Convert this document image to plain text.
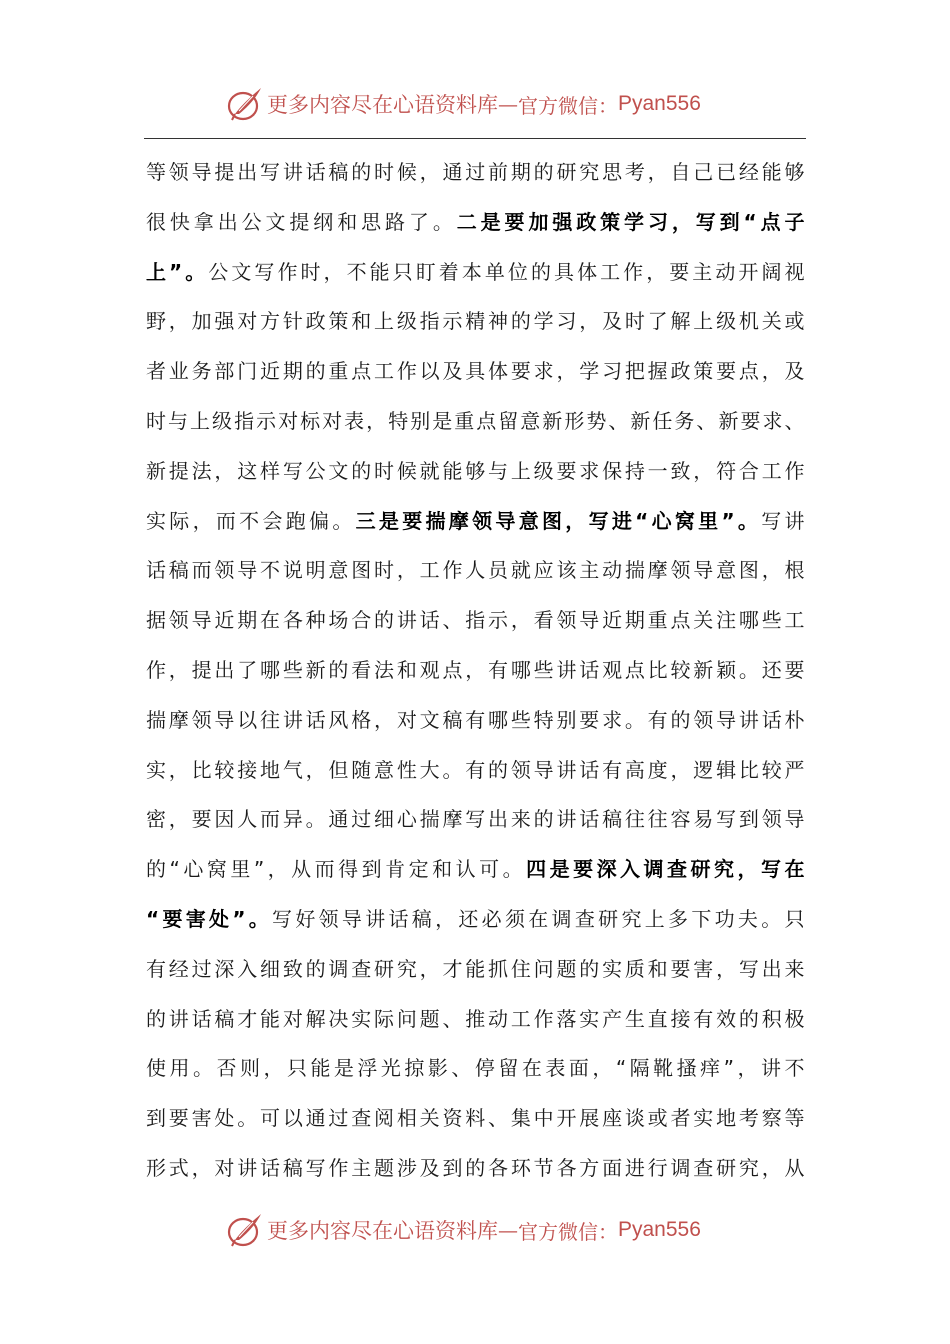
更多内容尽在心语资料库 — 官方微信： Pyan556
等领导提出写讲话稿的时候，通过前期的研究思考，自己已经能够
很快拿出公文提纲和思路了。二是要加强政策学习，写到“点子
上”。公文写作时，不能只盯着本单位的具体工作，要主动开阔视
野，加强对方针政策和上级指示精神的学习，及时了解上级机关或
者业务部门近期的重点工作以及具体要求，学习把握政策要点，及
时与上级指示对标对表，特别是重点留意新形势、新任务、新要求、
新提法，这样写公文的时候就能够与上级要求保持一致，符合工作
实际，而不会跑偏。三是要揣摩领导意图，写进“心窝里”。写讲
话稿而领导不说明意图时，工作人员就应该主动揣摩领导意图，根
据领导近期在各种场合的讲话、指示，看领导近期重点关注哪些工
作，提出了哪些新的看法和观点，有哪些讲话观点比较新颖。还要
揣摩领导以往讲话风格，对文稿有哪些特别要求。有的领导讲话朴
实，比较接地气，但随意性大。有的领导讲话有高度，逻辑比较严
密，要因人而异。通过细心揣摩写出来的讲话稿往往容易写到领导
的“心窝里”，从而得到肯定和认可。四是要深入调查研究，写在
“要害处”。写好领导讲话稿，还必须在调查研究上多下功夫。只
有经过深入细致的调查研究，才能抓住问题的实质和要害，写出来
的讲话稿才能对解决实际问题、推动工作落实产生直接有效的积极
使用。否则，只能是浮光掠影、停留在表面，“隔靴搔痒”，讲不
到要害处。可以通过查阅相关资料、集中开展座谈或者实地考察等
形式，对讲话稿写作主题涉及到的各环节各方面进行调查研究，从
更多内容尽在心语资料库 — 官方微信： Pyan556
